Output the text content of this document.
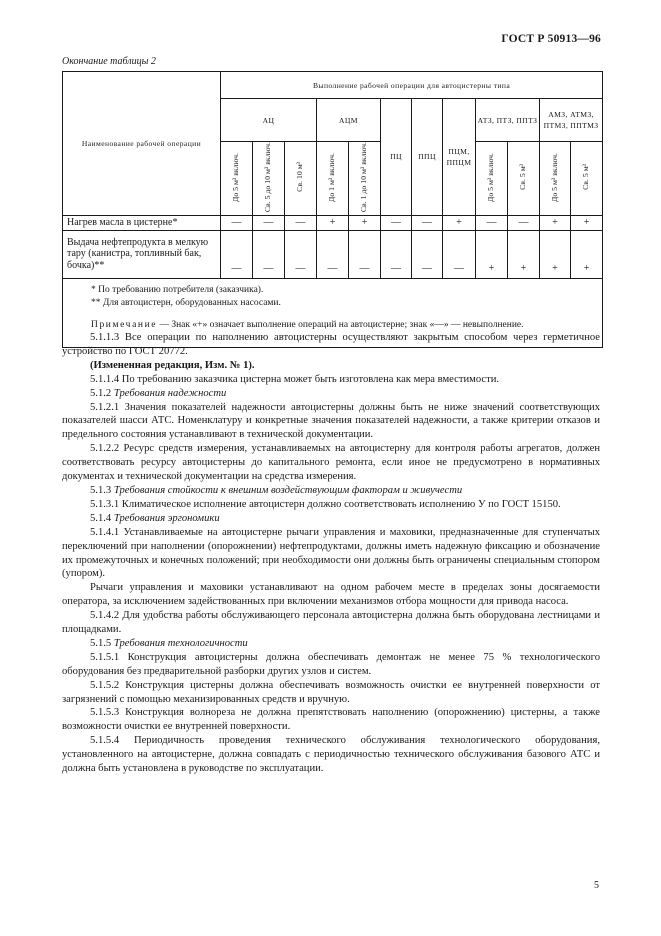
ГОСТ Р 50913—96
Окончание таблицы 2
Наименование рабочей операции	Выполнение рабочей операции для автоцистерны типа											
	АЦ			АЦМ		ПЦ	ППЦ	ПЦМ, ППЦМ	АТЗ, ПТЗ, ППТЗ		АМЗ, АТМЗ, ПТМЗ, ППТМЗ	
	До 5 м³ включ.	Св. 5 до 10 м³ включ.	Св. 10 м³	До 1 м³ включ.	Св. 1 до 10 м³ включ.				До 5 м³ включ.	Св. 5 м³	До 5 м³ включ.	Св. 5 м³
Нагрев масла в цистерне*	—	—	—	+	+	—	—	+	—	—	+	+
Выдача нефтепродукта в мелкую тару (канистра, топливный бак, бочка)**	—	—	—	—	—	—	—	—	+	+	+	+

* По требованию потребителя (заказчика).
** Для автоцистерн, оборудованных насосами.
Примечание — Знак «+» означает выполнение операций на автоцистерне; знак «—» — невыполнение.												

5.1.1.3 Все операции по наполнению автоцистерны осуществляют закрытым способом через герметичное устройство по ГОСТ 20772.

(Измененная редакция, Изм. № 1).

5.1.1.4 По требованию заказчика цистерна может быть изготовлена как мера вместимости.

5.1.2 Требования надежности

5.1.2.1 Значения показателей надежности автоцистерны должны быть не ниже значений соответствующих показателей шасси АТС. Номенклатуру и конкретные значения показателей надежности, а также критерии отказов и предельного состояния устанавливают в технической документации.

5.1.2.2 Ресурс средств измерения, устанавливаемых на автоцистерну для контроля работы агрегатов, должен соответствовать ресурсу автоцистерны до капитального ремонта, если иное не предусмотрено в нормативных документах и технической документации на средства измерения.

5.1.3 Требования стойкости к внешним воздействующим факторам и живучести

5.1.3.1 Климатическое исполнение автоцистерн должно соответствовать исполнению У по ГОСТ 15150.

5.1.4 Требования эргономики

5.1.4.1 Устанавливаемые на автоцистерне рычаги управления и маховики, предназначенные для ступенчатых переключений при наполнении (опорожнении) нефтепродуктами, должны иметь надежную фиксацию и обозначение их промежуточных и конечных положений; при необходимости они должны быть ограничены специальным стопором (упором).

Рычаги управления и маховики устанавливают на одном рабочем месте в пределах зоны досягаемости оператора, за исключением задействованных при включении механизмов отбора мощности для привода насоса.

5.1.4.2 Для удобства работы обслуживающего персонала автоцистерна должна быть оборудована лестницами и площадками.

5.1.5 Требования технологичности

5.1.5.1 Конструкция автоцистерны должна обеспечивать демонтаж не менее 75 % технологического оборудования без предварительной разборки других узлов и систем.

5.1.5.2 Конструкция цистерны должна обеспечивать возможность очистки ее внутренней поверхности от загрязнений с помощью механизированных средств и вручную.

5.1.5.3 Конструкция волнореза не должна препятствовать наполнению (опорожнению) цистерны, а также возможности очистки ее внутренней поверхности.

5.1.5.4 Периодичность проведения технического обслуживания технологического оборудования, установленного на автоцистерне, должна совпадать с периодичностью технического обслуживания базового АТС и должна быть установлена в руководстве по эксплуатации.

5
